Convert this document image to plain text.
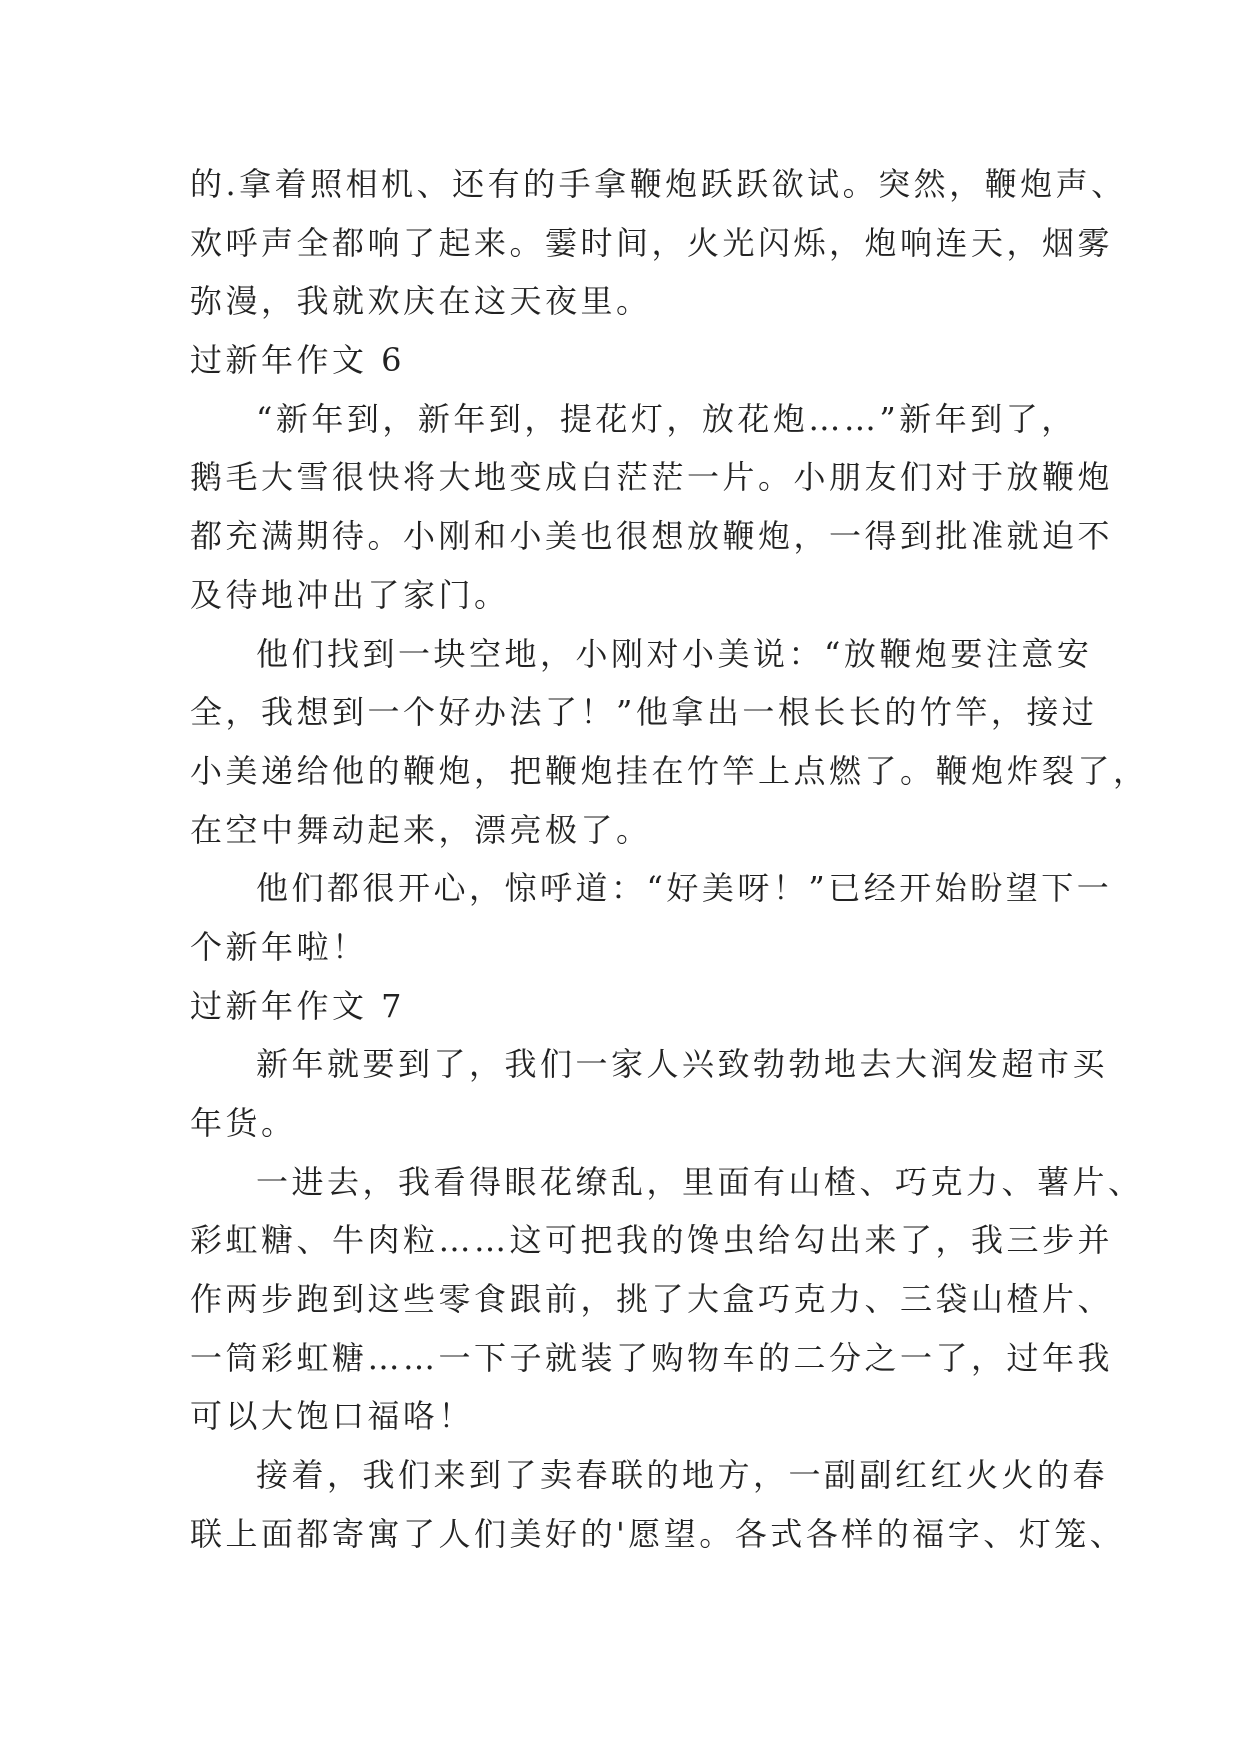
的.拿着照相机、还有的手拿鞭炮跃跃欲试。突然，鞭炮声、
欢呼声全都响了起来。霎时间，火光闪烁，炮响连天，烟雾
弥漫，我就欢庆在这天夜里。
过新年作文 6
“新年到，新年到，提花灯，放花炮……”新年到了，
鹅毛大雪很快将大地变成白茫茫一片。小朋友们对于放鞭炮
都充满期待。小刚和小美也很想放鞭炮，一得到批准就迫不
及待地冲出了家门。
他们找到一块空地，小刚对小美说：“放鞭炮要注意安
全，我想到一个好办法了！”他拿出一根长长的竹竿，接过
小美递给他的鞭炮，把鞭炮挂在竹竿上点燃了。鞭炮炸裂了，
在空中舞动起来，漂亮极了。
他们都很开心，惊呼道：“好美呀！”已经开始盼望下一
个新年啦！
过新年作文 7
新年就要到了，我们一家人兴致勃勃地去大润发超市买
年货。
一进去，我看得眼花缭乱，里面有山楂、巧克力、薯片、
彩虹糖、牛肉粒……这可把我的馋虫给勾出来了，我三步并
作两步跑到这些零食跟前，挑了大盒巧克力、三袋山楂片、
一筒彩虹糖……一下子就装了购物车的二分之一了，过年我
可以大饱口福咯！
接着，我们来到了卖春联的地方，一副副红红火火的春
联上面都寄寓了人们美好的'愿望。各式各样的福字、灯笼、
